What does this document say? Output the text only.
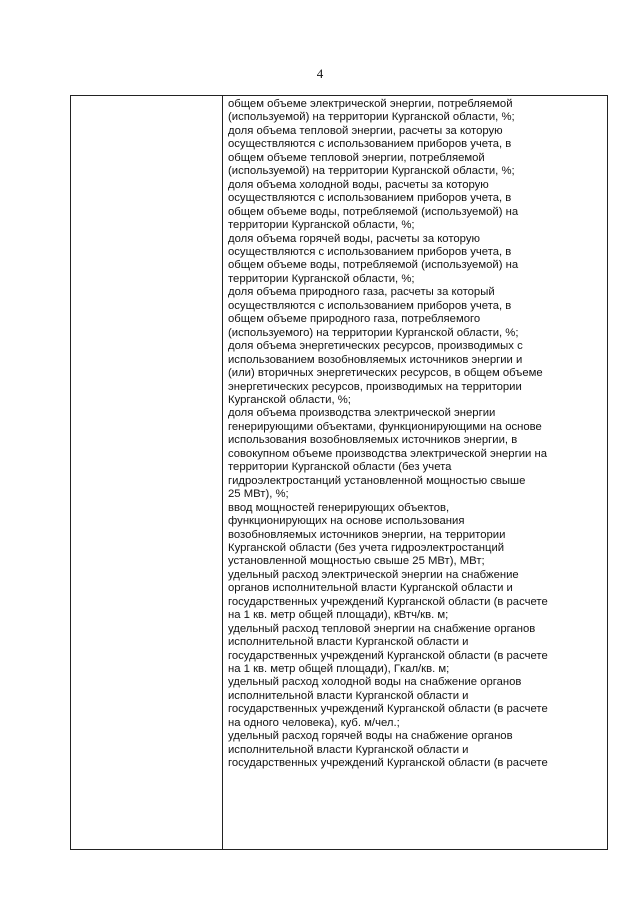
4
общем объеме электрической энергии, потребляемой
(используемой) на территории Курганской области, %;
доля объема тепловой энергии, расчеты за которую
осуществляются с использованием приборов учета, в
общем объеме тепловой энергии, потребляемой
(используемой) на территории Курганской области, %;
доля объема холодной воды, расчеты за которую
осуществляются с использованием приборов учета, в
общем объеме воды, потребляемой (используемой) на
территории Курганской области, %;
доля объема горячей воды, расчеты за которую
осуществляются с использованием приборов учета, в
общем объеме воды, потребляемой (используемой) на
территории Курганской области, %;
доля объема природного газа, расчеты за который
осуществляются с использованием приборов учета, в
общем объеме природного газа, потребляемого
(используемого) на территории Курганской области, %;
доля объема энергетических ресурсов, производимых с
использованием возобновляемых источников энергии и
(или) вторичных энергетических ресурсов, в общем объеме
энергетических ресурсов, производимых на территории
Курганской области, %;
доля объема производства электрической энергии
генерирующими объектами, функционирующими на основе
использования возобновляемых источников энергии, в
совокупном объеме производства электрической энергии на
территории Курганской области (без учета
гидроэлектростанций установленной мощностью свыше
25 МВт), %;
ввод мощностей генерирующих объектов,
функционирующих на основе использования
возобновляемых источников энергии, на территории
Курганской области (без учета гидроэлектростанций
установленной мощностью свыше 25 МВт), МВт;
удельный расход электрической энергии на снабжение
органов исполнительной власти Курганской области и
государственных учреждений Курганской области (в расчете
на 1 кв. метр общей площади), кВтч/кв. м;
удельный расход тепловой энергии на снабжение органов
исполнительной власти Курганской области и
государственных учреждений Курганской области (в расчете
на 1 кв. метр общей площади), Гкал/кв. м;
удельный расход холодной воды на снабжение органов
исполнительной власти Курганской области и
государственных учреждений Курганской области (в расчете
на одного человека), куб. м/чел.;
удельный расход горячей воды на снабжение органов
исполнительной власти Курганской области и
государственных учреждений Курганской области (в расчете
